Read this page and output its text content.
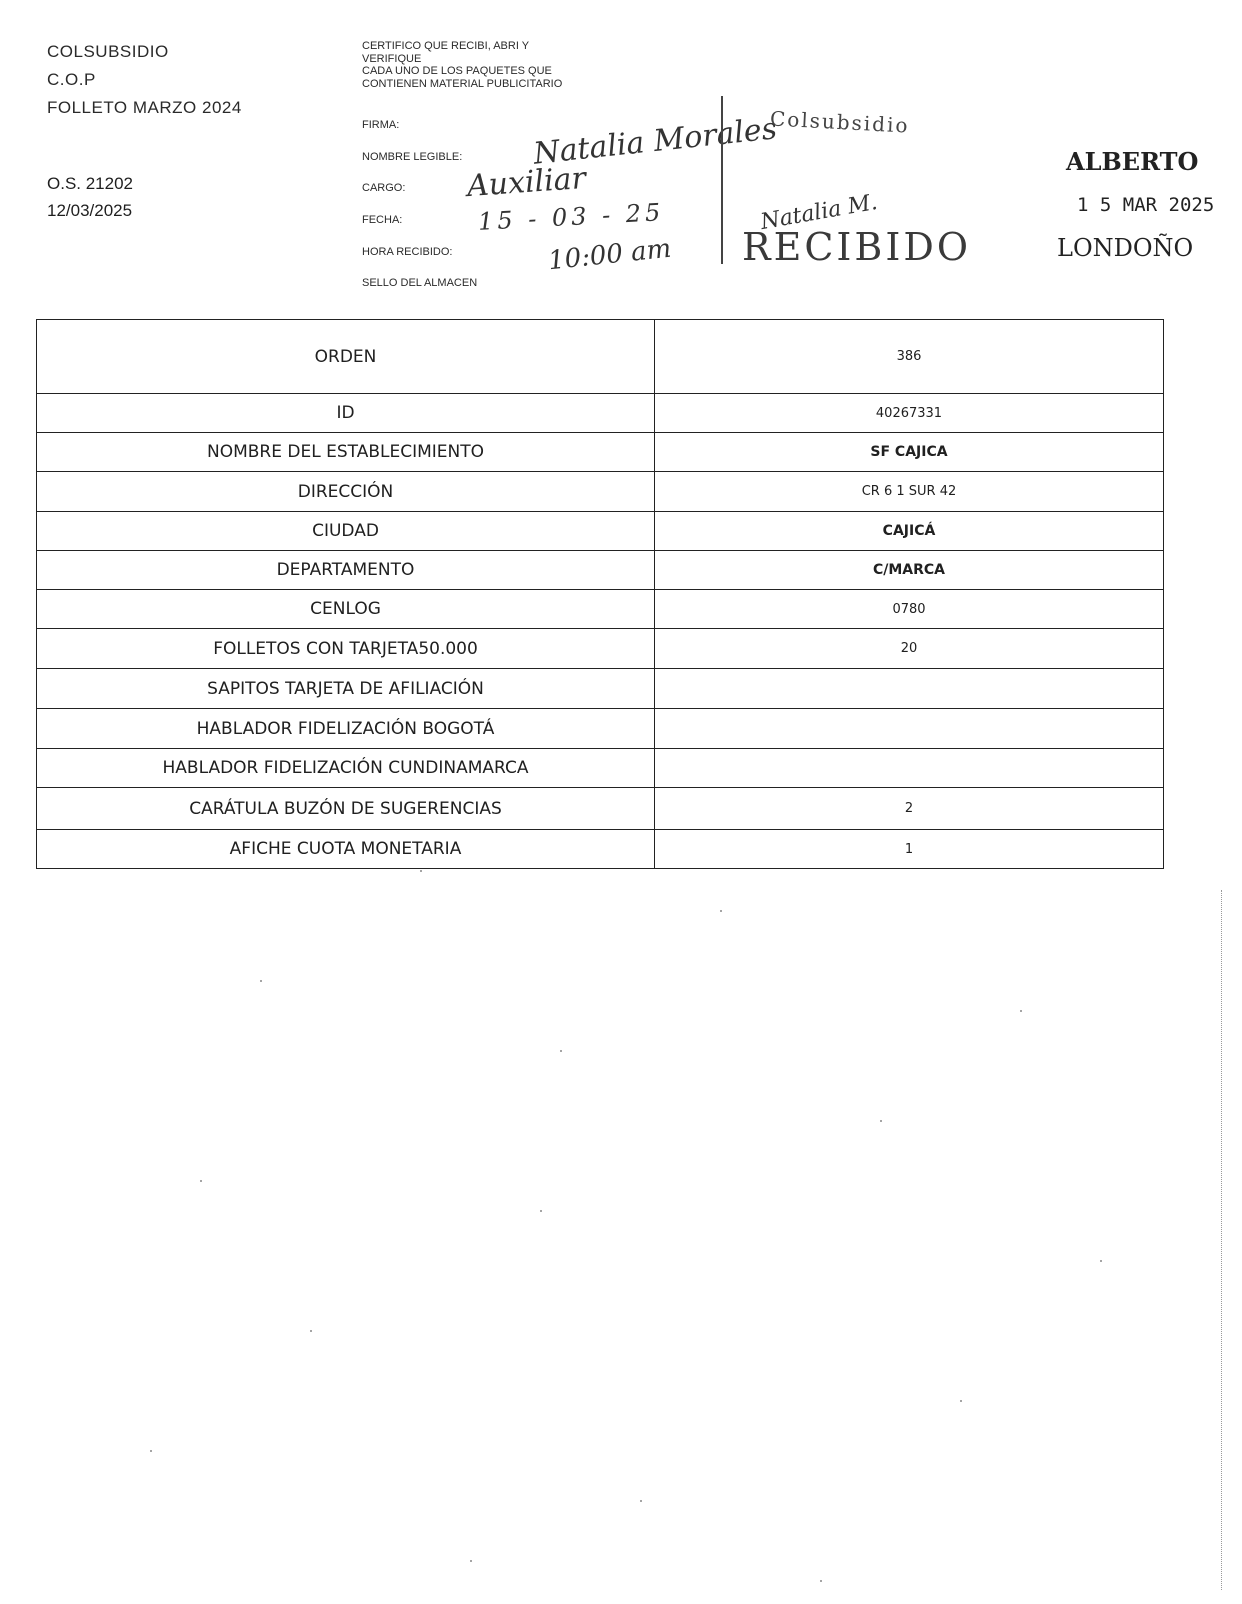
COLSUBSIDIO
C.O.P
FOLLETO MARZO 2024
O.S. 21202
12/03/2025
CERTIFICO QUE RECIBI, ABRI Y
VERIFIQUE
CADA UNO DE LOS PAQUETES QUE
CONTIENEN MATERIAL PUBLICITARIO
FIRMA:
NOMBRE LEGIBLE:
CARGO:
FECHA:
HORA RECIBIDO:
SELLO DEL ALMACEN
Natalia Morales
Auxiliar
15 - 03 - 25
10:00 am
Colsubsidio
Natalia M.
RECIBIDO
ALBERTO
1 5 MAR 2025
LONDOÑO
ORDEN	386
ID	40267331
NOMBRE DEL ESTABLECIMIENTO	SF CAJICA
DIRECCIÓN	CR 6 1 SUR 42
CIUDAD	CAJICÁ
DEPARTAMENTO	C/MARCA
CENLOG	0780
FOLLETOS CON TARJETA50.000	20
SAPITOS TARJETA DE AFILIACIÓN	
HABLADOR FIDELIZACIÓN BOGOTÁ	
HABLADOR FIDELIZACIÓN CUNDINAMARCA	
CARÁTULA BUZÓN DE SUGERENCIAS	2
AFICHE CUOTA MONETARIA	1
